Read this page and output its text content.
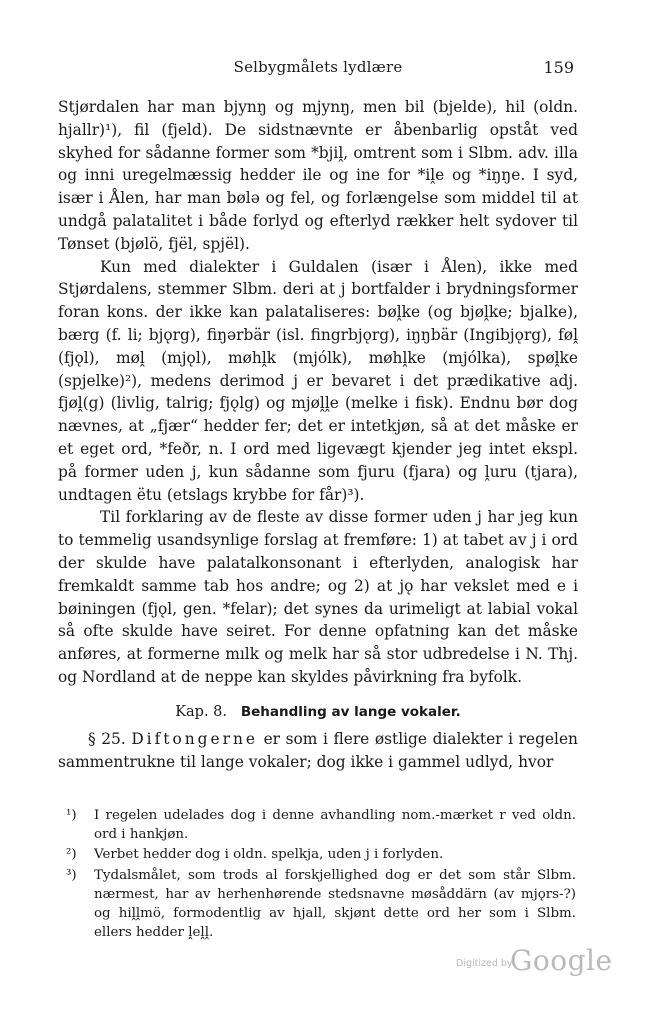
Selbygmålets lydlære	159

Stjørdalen har man bjynŋ og mjynŋ, men bil (bjelde), hil (oldn. hjallr)¹), fil (fjeld). De sidstnævnte er åbenbarlig opståt ved skyhed for sådanne former som *bjiḽ, omtrent som i Slbm. adv. illa og inni uregelmæssig hedder ile og ine for *iḽe og *iŋŋe. I syd, især i Ålen, har man bølə og fel, og forlængelse som middel til at undgå palatalitet i både forlyd og efterlyd rækker helt sydover til Tønset (bjølö, fjël, spjël).

Kun med dialekter i Guldalen (især i Ålen), ikke med Stjørdalens, stemmer Slbm. deri at j bortfalder i brydningsformer foran kons. der ikke kan palataliseres: bøḽke (og bjøḽke; bjalke), bærg (f. li; bjǫrg), fiŋərbär (isl. fingrbjǫrg), iŋŋbär (Ingibjǫrg), føḽ (fjǫl), møḽ (mjǫl), møhḽk (mjólk), møhḽke (mjólka), spøḽke (spjelke)²), medens derimod j er bevaret i det prædikative adj. fjøḽ(g) (livlig, talrig; fjǫlg) og mjøḽḽe (melke i fisk). Endnu bør dog nævnes, at „fjær“ hedder fer; det er intetkjøn, så at det måske er et eget ord, *feðr, n. I ord med ligevægt kjender jeg intet ekspl. på former uden j, kun sådanne som fjuru (fjara) og ḽuru (tjara), undtagen ëtu (etslags krybbe for får)³).

Til forklaring av de fleste av disse former uden j har jeg kun to temmelig usandsynlige forslag at fremføre: 1) at tabet av j i ord der skulde have palatalkonsonant i efterlyden, analogisk har fremkaldt samme tab hos andre; og 2) at jǫ har vekslet med e i bøiningen (fjǫl, gen. *felar); det synes da urimeligt at labial vokal så ofte skulde have seiret. For denne opfatning kan det måske anføres, at formerne mılk og melk har så stor udbredelse i N. Thj. og Nordland at de neppe kan skyldes påvirkning fra byfolk.

Kap. 8. Behandling av lange vokaler.
§ 25. Diftongerne er som i flere østlige dialekter i regelen sammentrukne til lange vokaler; dog ikke i gammel udlyd, hvor
¹) I regelen udelades dog i denne avhandling nom.-mærket r ved oldn. ord i hankjøn.
²) Verbet hedder dog i oldn. spelkja, uden j i forlyden.
³) Tydalsmålet, som trods al forskjellighed dog er det som står Slbm. nærmest, har av herhenhørende stedsnavne møsåddärn (av mjǫrs-?) og hiḽḽmö, formodentlig av hjall, skjønt dette ord her som i Slbm. ellers hedder ḽeḽḽ.
Digitized by
Google
